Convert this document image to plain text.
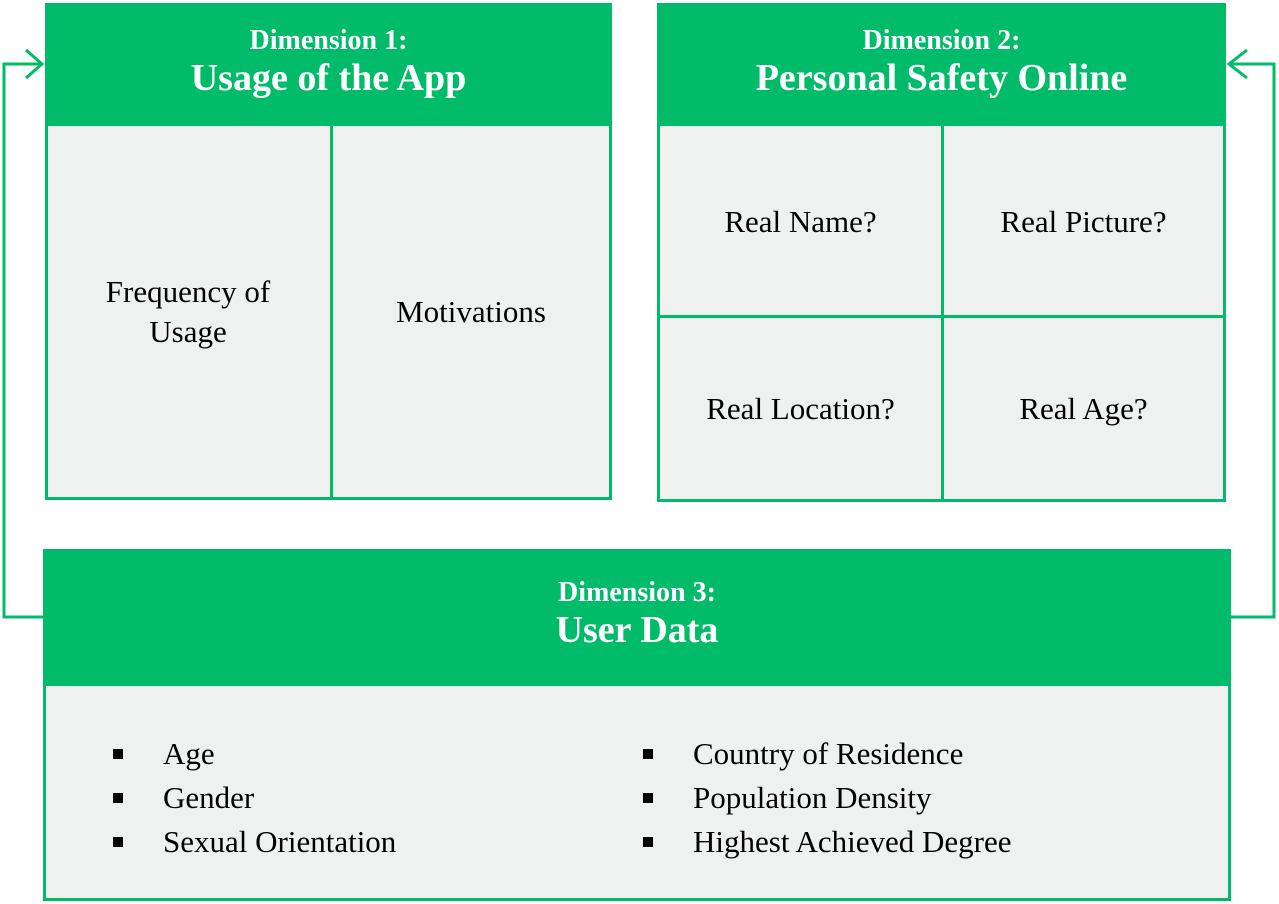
Dimension 1:
Usage of the App
Frequency of Usage
Motivations
Dimension 2:
Personal Safety Online
Real Name?	Real Picture?
Real Location?	Real Age?
Dimension 3:
User Data
Age
Gender
Sexual Orientation
Country of Residence
Population Density
Highest Achieved Degree
